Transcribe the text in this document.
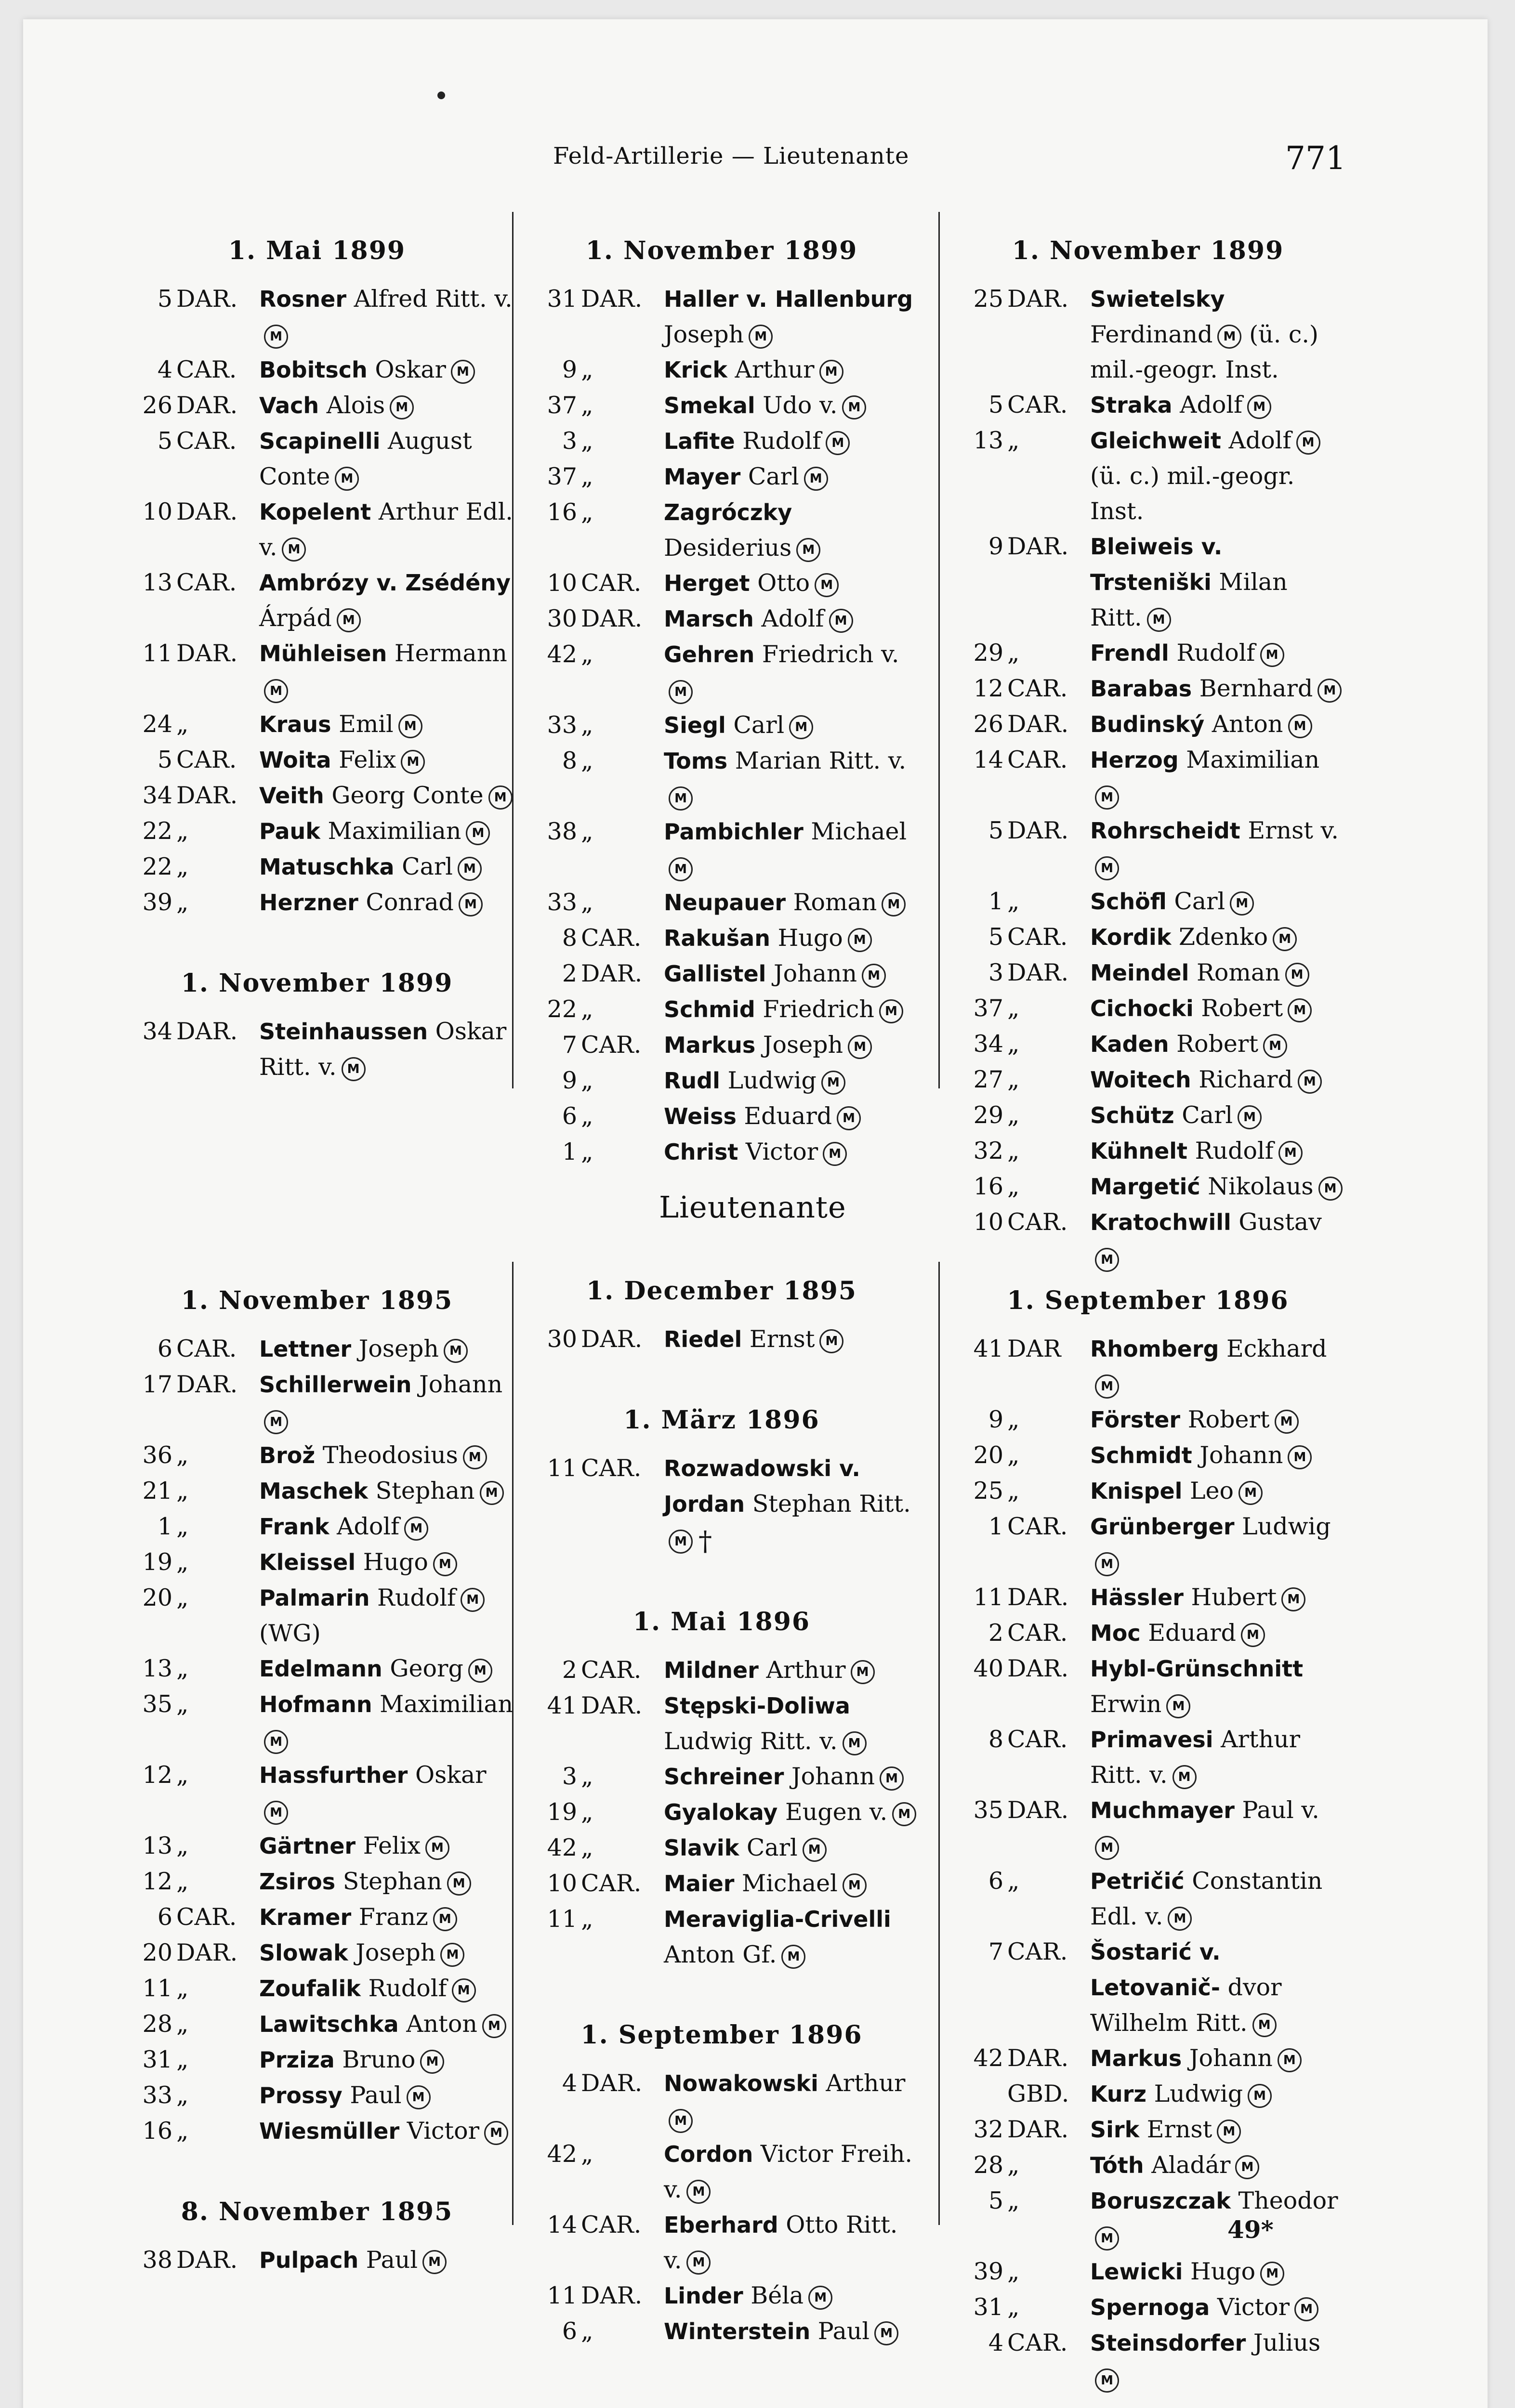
Feld-Artillerie — Lieutenante	771
1. Mai 1899
5 DAR. Rosner Alfred Ritt. v.M
4 CAR.	Bobitsch Oskar M
26 DAR. Vach Alois M
5 CAR.	Scapinelli August Conte M
10 DAR. Kopelent Arthur Edl. v. M
13 CAR.	Ambrózy v. Zsédény Árpád M
11 DAR. Mühleisen HermannM
24 „	Kraus Emil M
5 CAR.	Woita Felix M
34 DAR. Veith Georg Conte M
22 „	Pauk Maximilian M
22 „	Matuschka Carl M
39 „	Herzner Conrad M
1. November 1899
34 DAR. Steinhaussen Oskar Ritt. v. M
1. November 1899
31 DAR. Haller v. Hallenburg Joseph M
9 „	Krick Arthur M
37 „	Smekal Udo v. M
3 „	Lafite Rudolf M
37 „	Mayer Carl M
16 „	Zagróczky Desiderius M
10 CAR.	Herget Otto M
30 DAR. Marsch Adolf M
42 „	Gehren Friedrich v.M
33 „	Siegl Carl M
8 „	Toms Marian Ritt. v.M
38 „	Pambichler MichaelM
33 „	Neupauer Roman M
8 CAR.	Rakušan Hugo M
2 DAR. Gallistel Johann M
22 „	Schmid Friedrich M
7 CAR.	Markus Joseph M
9 „	Rudl Ludwig M
6 „	Weiss Eduard M
1 „	Christ Victor M
1. November 1899
25 DAR. Swietelsky Ferdinand M (ü. c.) mil.-geogr. Inst.
5 CAR.	Straka Adolf M
13 „	Gleichweit Adolf M (ü. c.) mil.-geogr. Inst.
9 DAR. Bleiweis v. Trsteniški Milan Ritt. M
29 „	Frendl Rudolf M
12 CAR.	Barabas Bernhard M
26 DAR. Budinský Anton M
14 CAR.	Herzog MaximilianM
5 DAR. Rohrscheidt Ernst v.M
1 „	Schöfl Carl M
5 CAR.	Kordik Zdenko M
3 DAR. Meindel Roman M
37 „	Cichocki Robert M
34 „	Kaden Robert M
27 „	Woitech Richard M
29 „	Schütz Carl M
32 „	Kühnelt Rudolf M
16 „	Margetić Nikolaus M
10 CAR.	Kratochwill GustavM
Lieutenante
1. November 1895
6 CAR.	Lettner Joseph M
17 DAR. Schillerwein JohannM
36 „	Brož Theodosius M
21 „	Maschek Stephan M
1 „	Frank Adolf M
19 „	Kleissel Hugo M
20 „	Palmarin Rudolf M (WG)
13 „	Edelmann Georg M
35 „	Hofmann MaximilianM
12 „	Hassfurther OskarM
13 „	Gärtner Felix M
12 „	Zsiros Stephan M
6 CAR.	Kramer Franz M
20 DAR. Slowak Joseph M
11 „	Zoufalik Rudolf M
28 „	Lawitschka Anton M
31 „	Prziza Bruno M
33 „	Prossy Paul M
16 „	Wiesmüller Victor M
8. November 1895
38 DAR. Pulpach Paul M
1. December 1895
30 DAR. Riedel Ernst M
1. März 1896
11 CAR.	Rozwadowski v. Jordan Stephan Ritt.M †
1. Mai 1896
2 CAR.	Mildner Arthur M
41 DAR. Stępski-Doliwa Ludwig Ritt. v. M
3 „	Schreiner Johann M
19 „	Gyalokay Eugen v. M
42 „	Slavik Carl M
10 CAR.	Maier Michael M
11 „	Meraviglia-Crivelli Anton Gf. M
1. September 1896
4 DAR. Nowakowski ArthurM
42 „	Cordon Victor Freih. v. M
14 CAR.	Eberhard Otto Ritt. v. M
11 DAR. Linder Béla M
6 „	Winterstein Paul M
1. September 1896
41 DAR	Rhomberg EckhardM
9 „	Förster Robert M
20 „	Schmidt Johann M
25 „	Knispel Leo M
1 CAR.	Grünberger LudwigM
11 DAR. Hässler Hubert M
2 CAR.	Moc Eduard M
40 DAR. Hybl-Grünschnitt Erwin M
8 CAR.	Primavesi Arthur Ritt. v. M
35 DAR. Muchmayer Paul v.M
6 „	Petričić Constantin Edl. v. M
7 CAR.	Šostarić v. Letovanič- dvor Wilhelm Ritt. M
42 DAR. Markus Johann M
GBD. Kurz Ludwig M
32 DAR. Sirk Ernst M
28 „	Tóth Aladár M
5 „	Boruszczak TheodorM
39 „	Lewicki Hugo M
31 „	Spernoga Victor M
4 CAR.	Steinsdorfer JuliusM
49*
